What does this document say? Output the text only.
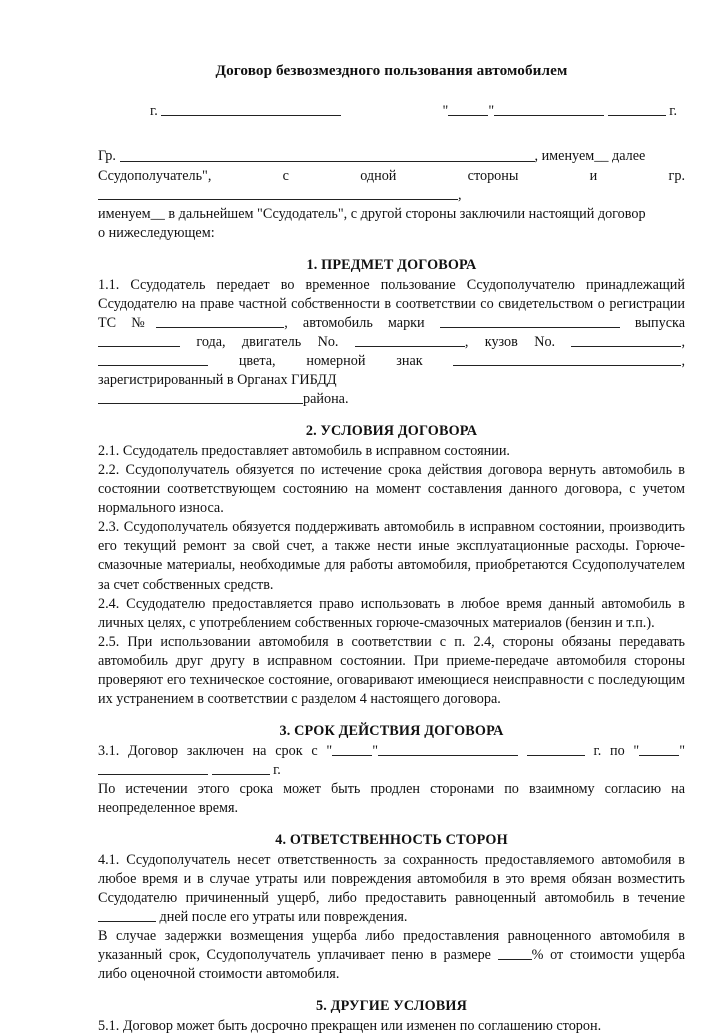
Договор безвозмездного пользования автомобилем
г.	"	"	г.

Гр.	, именуем__ далее
Ссудополучатель", с одной стороны и гр. ,
именуем__ в дальнейшем "Ссудодатель", с другой стороны заключили настоящий договор
о нижеследующем:

1. ПРЕДМЕТ ДОГОВОРА

1.1. Ссудодатель передает во временное пользование Ссудополучателю принадлежащий Ссудодателю на праве частной собственности в соответствии со свидетельством о регистрации ТС №	, автомобиль марки	выпуска  года, двигатель No.	, кузов No.	,  цвета, номерной знак	, зарегистрированный в Органах ГИБДД
района.

2. УСЛОВИЯ ДОГОВОРА

2.1. Ссудодатель предоставляет автомобиль в исправном состоянии.

2.2. Ссудополучатель обязуется по истечение срока действия договора вернуть автомобиль в состоянии соответствующем состоянию на момент составления данного договора, с учетом нормального износа.

2.3. Ссудополучатель обязуется поддерживать автомобиль в исправном состоянии, производить его текущий ремонт за свой счет, а также нести иные эксплуатационные расходы. Горюче-смазочные материалы, необходимые для работы автомобиля, приобретаются Ссудополучателем за счет собственных средств.

2.4. Ссудодателю предоставляется право использовать в любое время данный автомобиль в личных целях, с употреблением собственных горюче-смазочных материалов (бензин и т.п.).

2.5. При использовании автомобиля в соответствии с п. 2.4, стороны обязаны передавать автомобиль друг другу в исправном состоянии. При приеме-передаче автомобиля стороны проверяют его техническое состояние, оговаривают имеющиеся неисправности с последующим их устранением в соответствии с разделом 4 настоящего договора.

3. СРОК ДЕЙСТВИЯ ДОГОВОРА

3.1. Договор заключен на срок с "	"	г. по "	"   г.
По истечении этого срока может быть продлен сторонами по взаимному согласию на неопределенное время.

4. ОТВЕТСТВЕННОСТЬ СТОРОН

4.1. Ссудополучатель несет ответственность за сохранность предоставляемого автомобиля в любое время и в случае утраты или повреждения автомобиля в это время обязан возместить Ссудодателю причиненный ущерб, либо предоставить равноценный автомобиль в течение  дней после его утраты или повреждения.

В случае задержки возмещения ущерба либо предоставления равноценного автомобиля в указанный срок, Ссудополучатель уплачивает пеню в размере	% от стоимости ущерба либо оценочной стоимости автомобиля.

5. ДРУГИЕ УСЛОВИЯ

5.1. Договор может быть досрочно прекращен или изменен по соглашению сторон.
